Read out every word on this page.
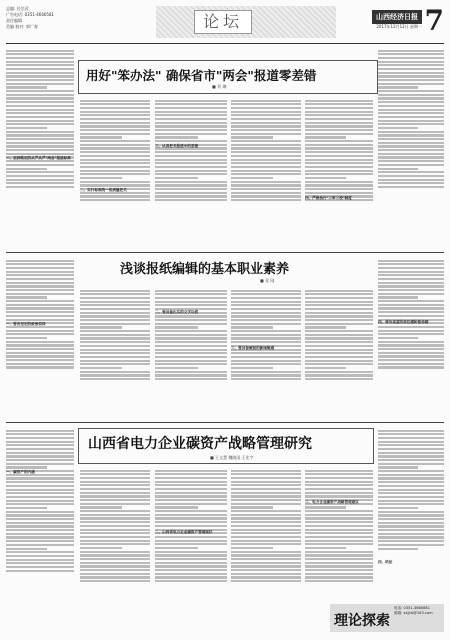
总编: 任宗武
广告电话: 0351-4666581
责任编辑
美编 校对: 郭广春	论坛	山西经济日报
2017年12月12日 星期一 7
用好"笨办法" 确保省市"两会"报道零差错
■ 刘 琳
一、坚持既定的从严从严"两会"报道标准
二、实行标准统一的质量把关
三、认真把关报道中的差错
四、严格执行"三审三校"制度
浅谈报纸编辑的基本职业素养
■ 张 刚
一、要有坚定的政治信仰
二、要具备扎实的文字功底
三、要具备敏锐的新闻敏感
四、要有高度的责任感和使命感
山西省电力企业碳资产战略管理研究
■ 王文慧 魏晓雨 王宏宇
一、碳资产的内涵
二、山西省电力企业碳资产管理现状
三、电力企业碳资产战略管理建议
四、结论
理论探索
电话: 0351-4660881
邮箱: sxjjrb@163.com
